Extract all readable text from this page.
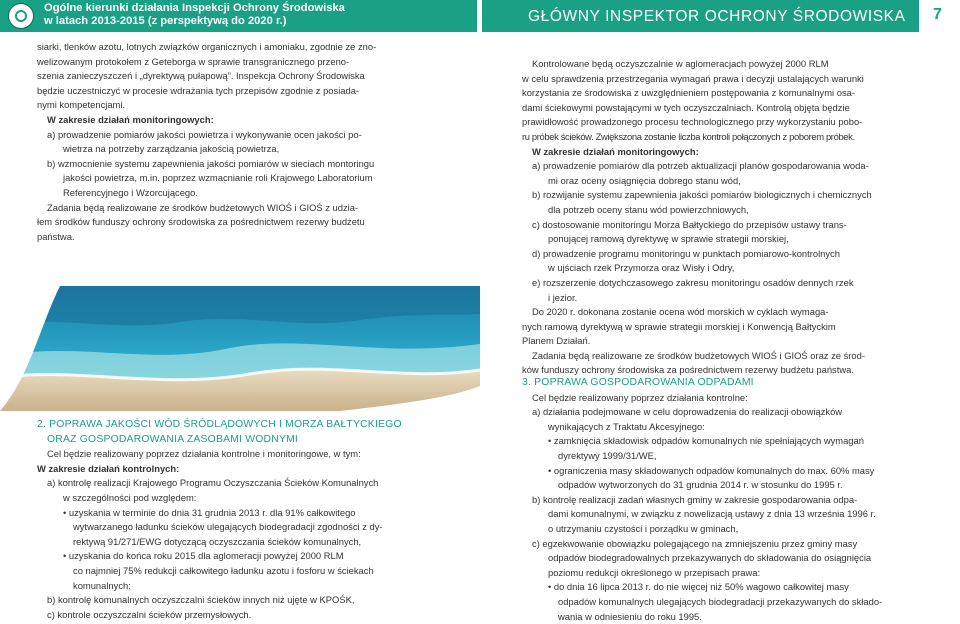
Ogólne kierunki działania Inspekcji Ochrony Środowiska
w latach 2013-2015 (z perspektywą do 2020 r.)	GŁÓWNY INSPEKTOR OCHRONY ŚRODOWISKA 7

siarki, tlenków azotu, lotnych związków organicznych i amoniaku, zgodnie ze zno-

welizowanym protokołem z Geteborga w sprawie transgranicznego przeno-

szenia zanieczyszczeń i „dyrektywą pułapową”. Inspekcja Ochrony Środowiska

będzie uczestniczyć w procesie wdrażania tych przepisów zgodnie z posiada-

nymi kompetencjami.

W zakresie działań monitoringowych:

a) prowadzenie pomiarów jakości powietrza i wykonywanie ocen jakości po-

wietrza na potrzeby zarządzania jakością powietrza,

b) wzmocnienie systemu zapewnienia jakości pomiarów w sieciach montoringu

jakości powietrza, m.in. poprzez wzmacnianie roli Krajowego Laboratorium

Referencyjnego i Wzorcującego.

Zadania będą realizowane ze środków budżetowych WIOŚ i GIOŚ z udzia-

łem środków funduszy ochrony środowiska za pośrednictwem rezerwy budżetu

państwa.

2. POPRAWA JAKOŚCI WÓD ŚRÓDLĄDOWYCH I MORZA BAŁTYCKIEGO

ORAZ GOSPODAROWANIA ZASOBAMI WODNYMI

Cel będzie realizowany poprzez działania kontrolne i monitoringowe, w tym:

W zakresie działań kontrolnych:

a) kontrolę realizacji Krajowego Programu Oczyszczania Ścieków Komunalnych

w szczególności pod względem:

• uzyskania w terminie do dnia 31 grudnia 2013 r. dla 91% całkowitego

wytwarzanego ładunku ścieków ulegających biodegradacji zgodności z dy-

rektywą 91/271/EWG dotyczącą oczyszczania ścieków komunalnych,

• uzyskania do końca roku 2015 dla aglomeracji powyżej 2000 RLM

co najmniej 75% redukcji całkowitego ładunku azotu i fosforu w ściekach

komunalnych;

b) kontrolę komunalnych oczyszczalni ścieków innych niż ujęte w KPOŚK,

c) kontrole oczyszczalni ścieków przemysłowych.

Kontrolowane będą oczyszczalnie w aglomeracjach powyżej 2000 RLM

w celu sprawdzenia przestrzegania wymagań prawa i decyzji ustalających warunki

korzystania ze środowiska z uwzględnieniem postępowania z komunalnymi osa-

dami ściekowymi powstającymi w tych oczyszczalniach. Kontrolą objęta będzie

prawidłowość prowadzonego procesu technologicznego przy wykorzystaniu pobo-

ru próbek ścieków. Zwiększona zostanie liczba kontroli połączonych z poborem próbek.

W zakresie działań monitoringowych:

a) prowadzenie pomiarów dla potrzeb aktualizacji planów gospodarowania woda-

mi oraz oceny osiągnięcia dobrego stanu wód,

b) rozwijanie systemu zapewnienia jakości pomiarów biologicznych i chemicznych

dla potrzeb oceny stanu wód powierzchniowych,

c) dostosowanie monitoringu Morza Bałtyckiego do przepisów ustawy trans-

ponującej ramową dyrektywę w sprawie strategii morskiej,

d) prowadzenie programu monitoringu w punktach pomiarowo-kontrolnych

w ujściach rzek Przymorza oraz Wisły i Odry,

e) rozszerzenie dotychczasowego zakresu monitoringu osadów dennych rzek

i jezior.

Do 2020 r. dokonana zostanie ocena wód morskich w cyklach wymaga-

nych ramową dyrektywą w sprawie strategii morskiej i Konwencją Bałtyckim

Planem Działań.

Zadania będą realizowane ze środków budżetowych WIOŚ i GIOŚ oraz ze środ-

ków funduszy ochrony środowiska za pośrednictwem rezerwy budżetu państwa.

3. POPRAWA GOSPODAROWANIA ODPADAMI

Cel będzie realizowany poprzez działania kontrolne:

a) działania podejmowane w celu doprowadzenia do realizacji obowiązków

wynikających z Traktatu Akcesyjnego:

• zamknięcia składowisk odpadów komunalnych nie spełniających wymagań

dyrektywy 1999/31/WE,

• ograniczenia masy składowanych odpadów komunalnych do max. 60% masy

odpadów wytworzonych do 31 grudnia 2014 r. w stosunku do 1995 r.

b) kontrolę realizacji zadań własnych gminy w zakresie gospodarowania odpa-

dami komunalnymi, w związku z nowelizacją ustawy z dnia 13 września 1996 r.

o utrzymaniu czystości i porządku w gminach,

c) egzekwowanie obowiązku polegającego na zmniejszeniu przez gminy masy

odpadów biodegradowalnych przekazywanych do składowania do osiągnięcia

poziomu redukcji określonego w przepisach prawa:

• do dnia 16 lipca 2013 r. do nie więcej niż 50% wagowo całkowitej masy

odpadów komunalnych ulegających biodegradacji przekazywanych do składo-

wania w odniesieniu do roku 1995.
